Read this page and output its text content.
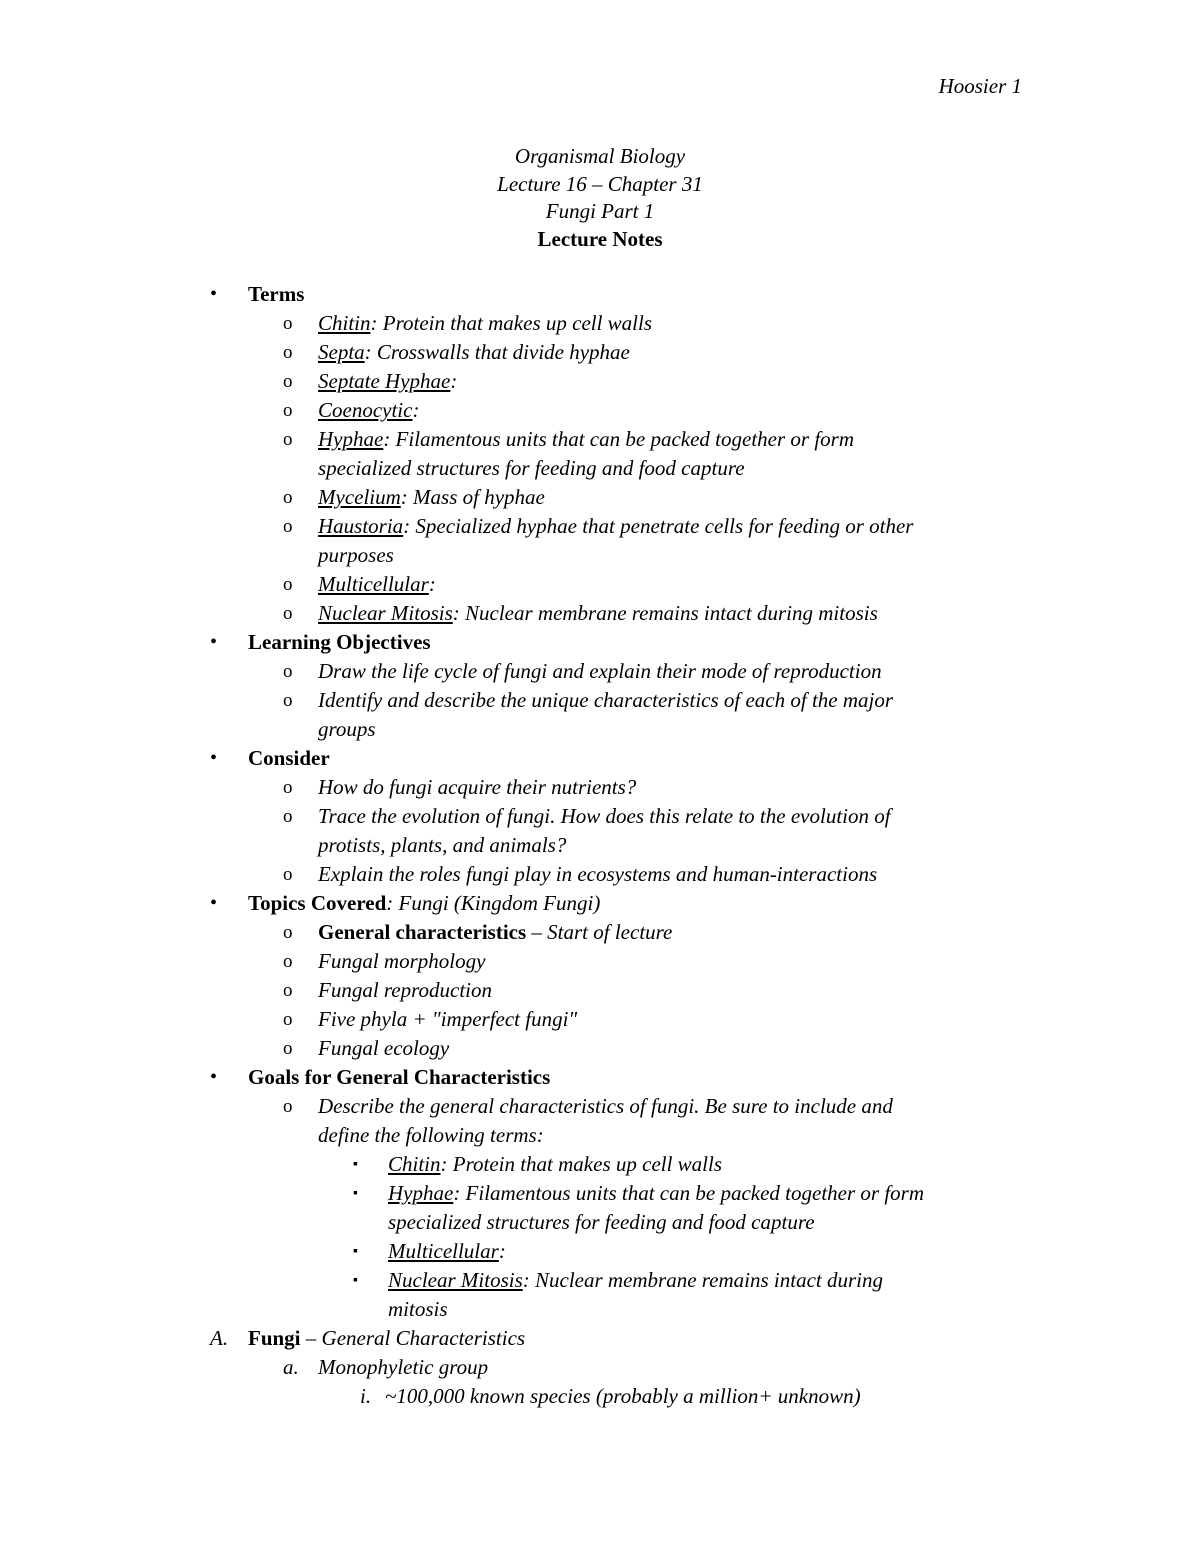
Hoosier 1
Organismal Biology
Lecture 16 – Chapter 31
Fungi Part 1
Lecture Notes
• Terms
o Chitin: Protein that makes up cell walls
o Septa: Crosswalls that divide hyphae
o Septate Hyphae:
o Coenocytic:
o Hyphae: Filamentous units that can be packed together or form
specialized structures for feeding and food capture
o Mycelium: Mass of hyphae
o Haustoria: Specialized hyphae that penetrate cells for feeding or other
purposes
o Multicellular:
o Nuclear Mitosis: Nuclear membrane remains intact during mitosis
• Learning Objectives
o Draw the life cycle of fungi and explain their mode of reproduction
o Identify and describe the unique characteristics of each of the major
groups
• Consider
o How do fungi acquire their nutrients?
o Trace the evolution of fungi. How does this relate to the evolution of
protists, plants, and animals?
o Explain the roles fungi play in ecosystems and human-interactions
• Topics Covered: Fungi (Kingdom Fungi)
o General characteristics – Start of lecture
o Fungal morphology
o Fungal reproduction
o Five phyla + "imperfect fungi"
o Fungal ecology
• Goals for General Characteristics
o Describe the general characteristics of fungi. Be sure to include and
define the following terms:
▪ Chitin: Protein that makes up cell walls
▪ Hyphae: Filamentous units that can be packed together or form
specialized structures for feeding and food capture
▪ Multicellular:
▪ Nuclear Mitosis: Nuclear membrane remains intact during
mitosis
A. Fungi – General Characteristics
a. Monophyletic group
i. ~100,000 known species (probably a million+ unknown)
